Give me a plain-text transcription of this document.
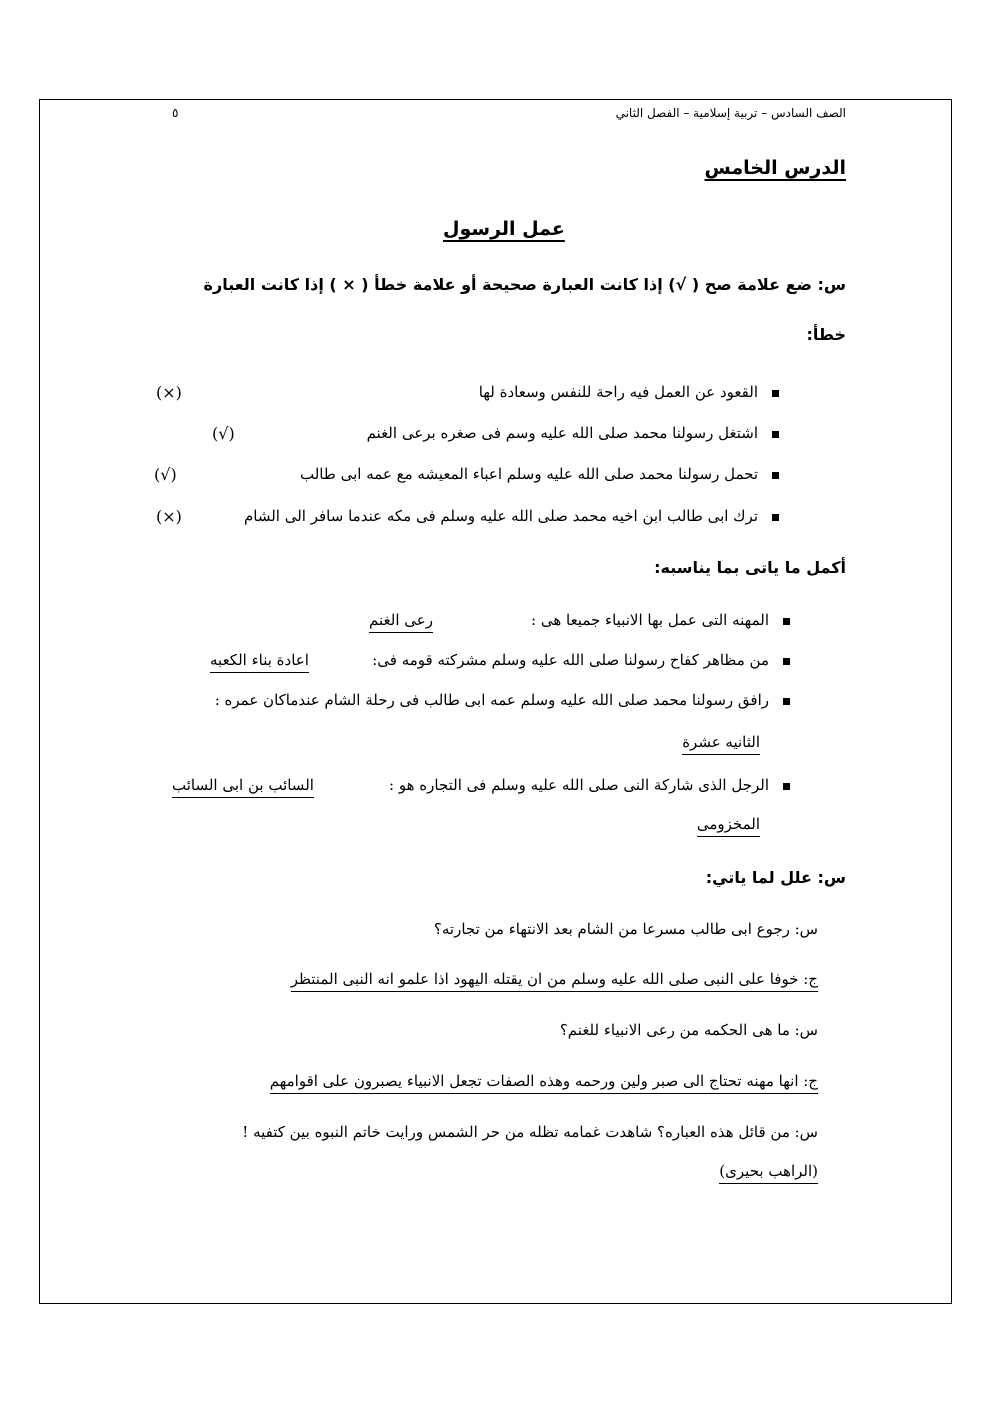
الصف السادس – تربية إسلامية – الفصل الثاني
٥
الدرس الخامس
عمل الرسول
س: ضع علامة صح ( √) إذا كانت العبارة صحيحة أو علامة خطأ ( × ) إذا كانت العبارة
خطأ:
القعود عن العمل فيه راحة للنفس وسعادة لها
(×)
اشتغل رسولنا محمد صلى الله عليه وسم فى صغره برعى الغنم
(√)
تحمل رسولنا محمد صلى الله عليه وسلم اعباء المعيشه مع عمه ابى طالب
(√)
ترك ابى طالب ابن اخيه محمد صلى الله عليه وسلم فى مكه عندما سافر الى الشام
(×)
أكمل ما ياتى بما يناسبه:
المهنه التى عمل بها الانبياء جميعا هى :
رعى الغنم
من مظاهر كفاح رسولنا صلى الله عليه وسلم مشركته قومه فى:
اعادة بناء الكعبه
رافق رسولنا محمد صلى الله عليه وسلم عمه ابى طالب فى رحلة الشام عندماكان عمره :
الثانيه عشرة
الرجل الذى شاركة النى صلى الله عليه وسلم فى التجاره هو :
السائب بن ابى السائب
المخزومى
س: علل لما ياتي:
س: رجوع ابى طالب مسرعا من الشام بعد الانتهاء من تجارته؟
ج: خوفا على النبى صلى الله عليه وسلم من ان يقتله اليهود اذا علمو انه النبى المنتظر
س: ما هى الحكمه من رعى الانبياء للغنم؟
ج: انها مهنه تحتاج الى صبر ولين ورحمه وهذه الصفات تجعل الانبياء يصبرون على اقوامهم
س: من قائل هذه العباره؟ شاهدت غمامه تظله من حر الشمس ورايت خاتم النبوه بين كتفيه !
(الراهب بحيرى)
